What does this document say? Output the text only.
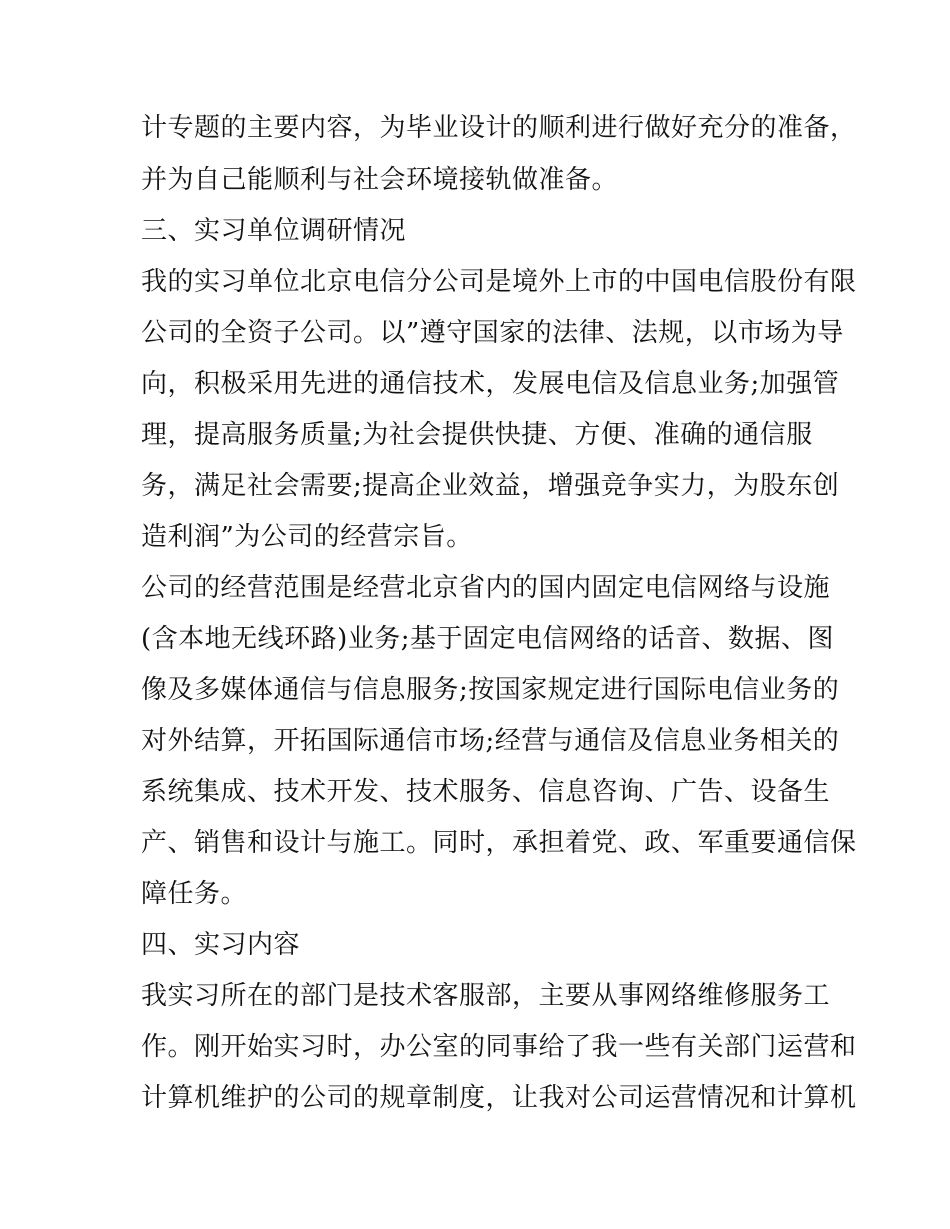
计专题的主要内容，为毕业设计的顺利进行做好充分的准备，
并为自己能顺利与社会环境接轨做准备。
三、实习单位调研情况
我的实习单位北京电信分公司是境外上市的中国电信股份有限
公司的全资子公司。以”遵守国家的法律、法规，以市场为导
向，积极采用先进的通信技术，发展电信及信息业务;加强管
理，提高服务质量;为社会提供快捷、方便、准确的通信服
务，满足社会需要;提高企业效益，增强竞争实力，为股东创
造利润”为公司的经营宗旨。
公司的经营范围是经营北京省内的国内固定电信网络与设施
(含本地无线环路)业务;基于固定电信网络的话音、数据、图
像及多媒体通信与信息服务;按国家规定进行国际电信业务的
对外结算，开拓国际通信市场;经营与通信及信息业务相关的
系统集成、技术开发、技术服务、信息咨询、广告、设备生
产、销售和设计与施工。同时，承担着党、政、军重要通信保
障任务。
四、实习内容
我实习所在的部门是技术客服部，主要从事网络维修服务工
作。刚开始实习时，办公室的同事给了我一些有关部门运营和
计算机维护的公司的规章制度，让我对公司运营情况和计算机
